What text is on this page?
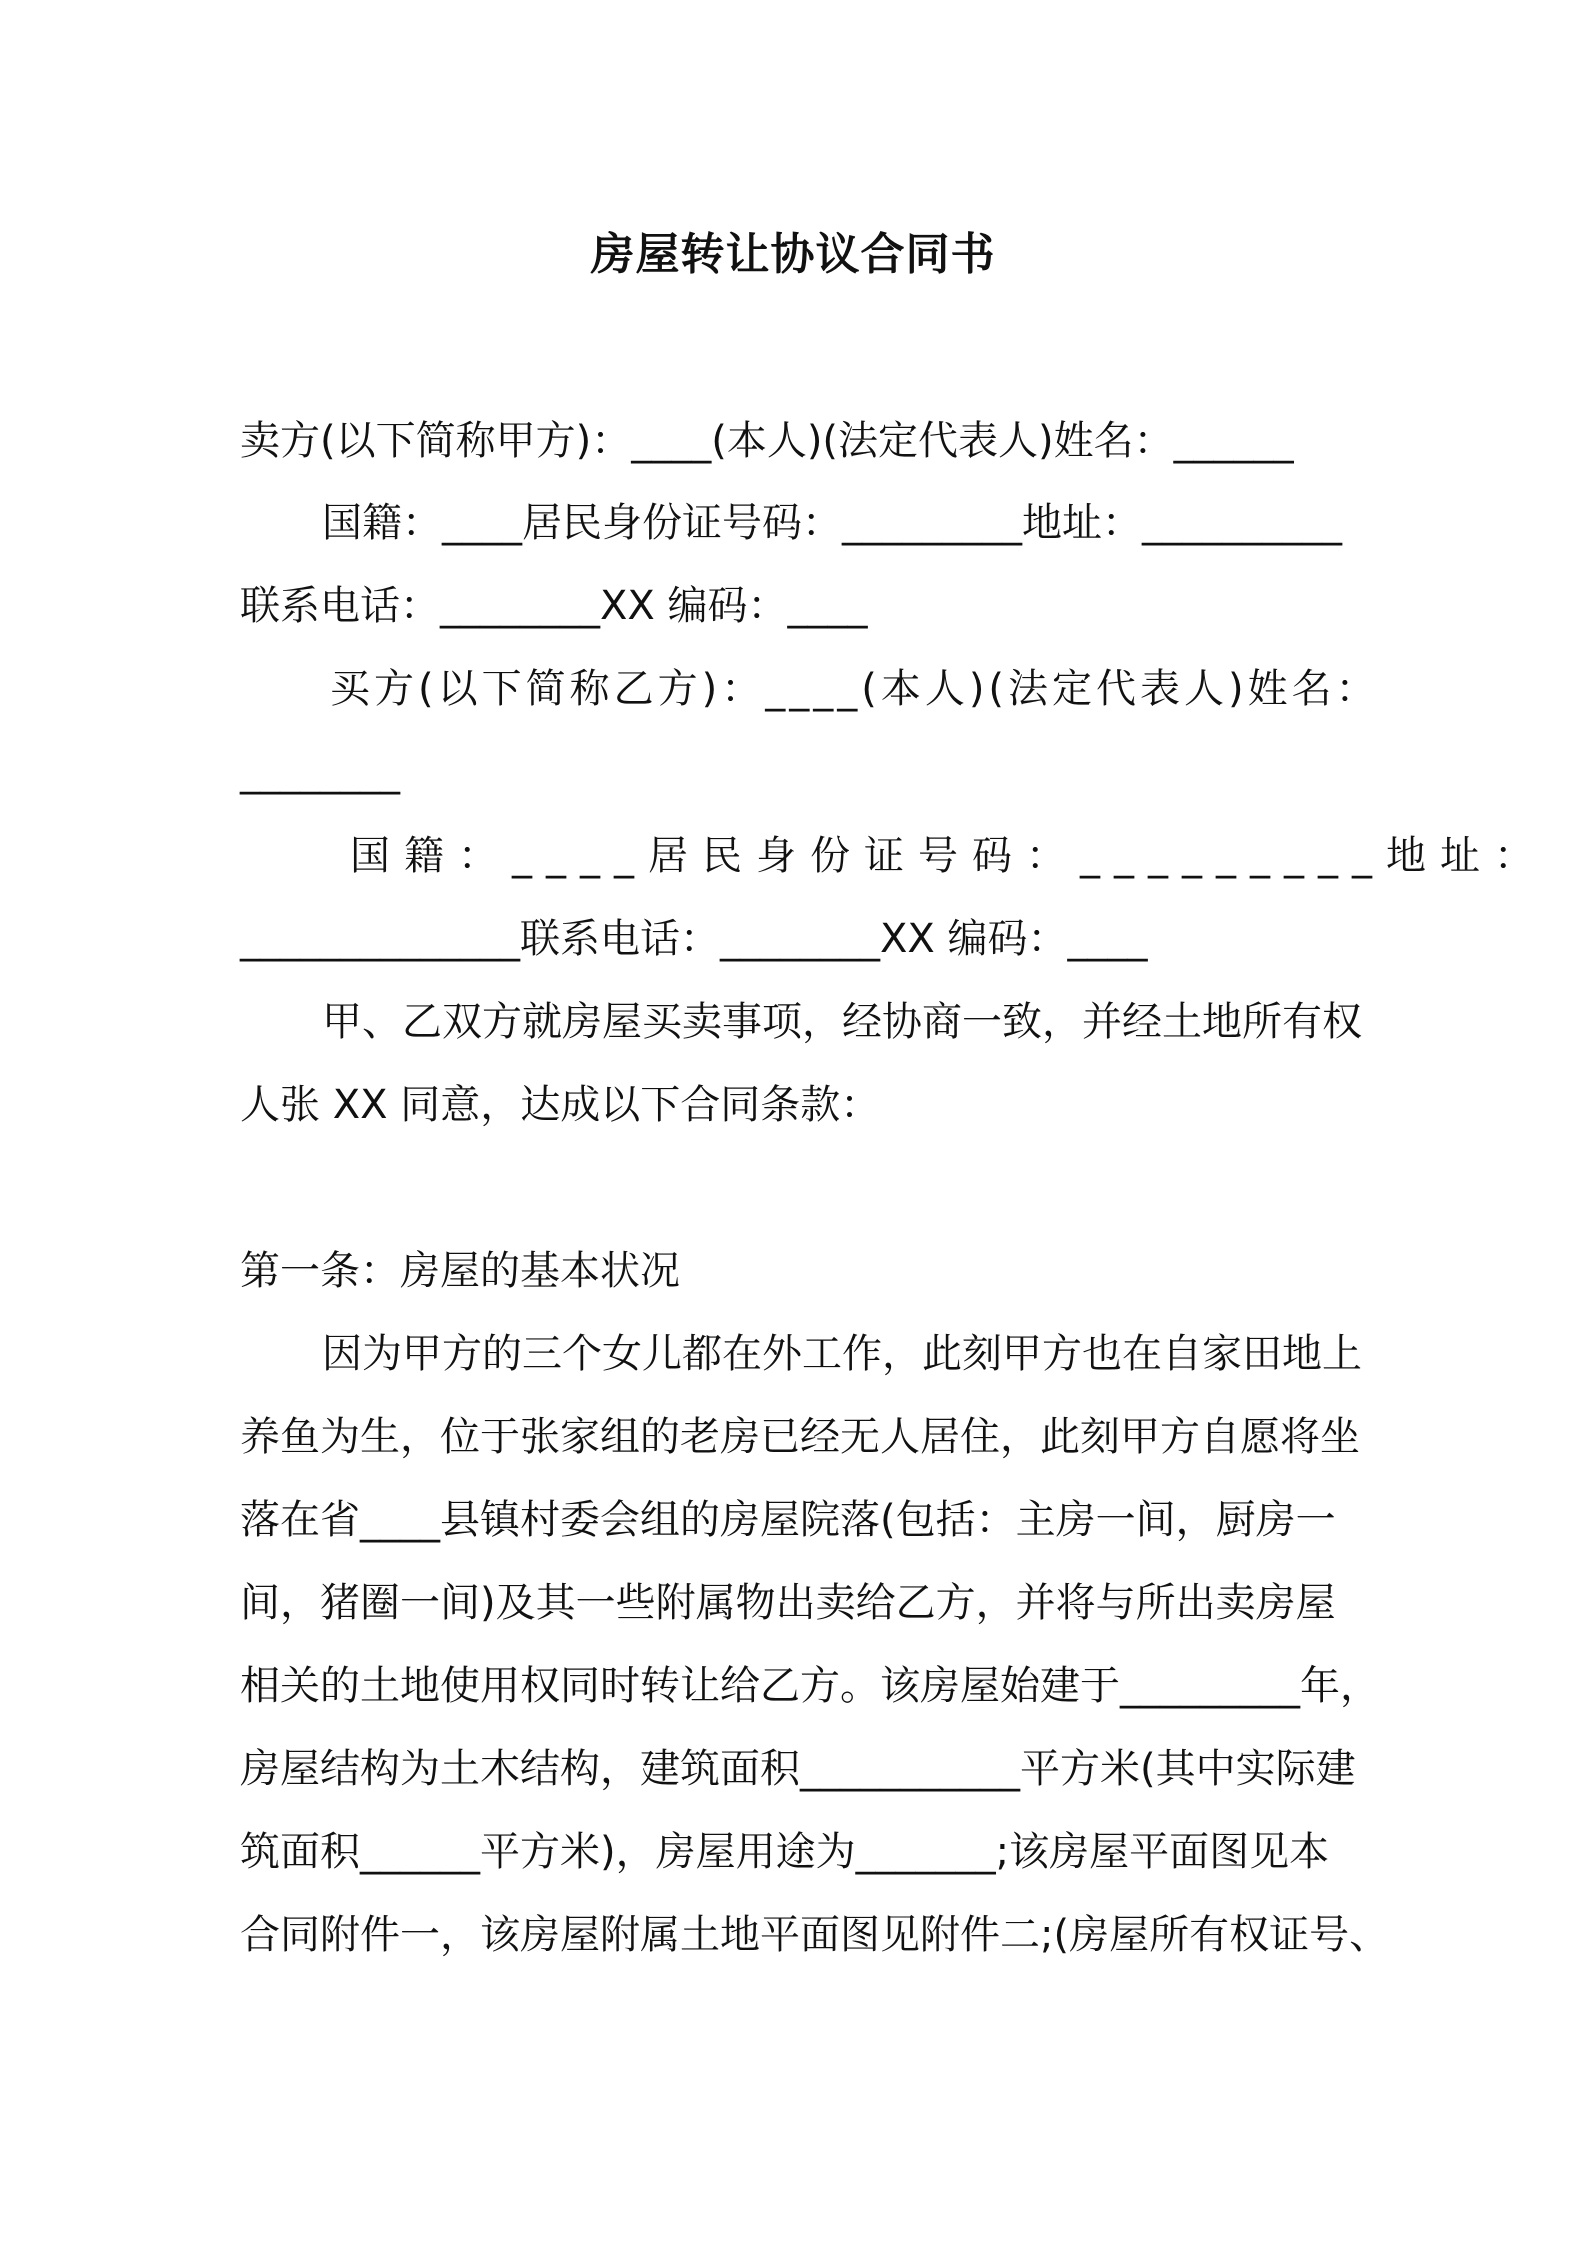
房屋转让协议合同书
卖方(以下简称甲方)：____(本人)(法定代表人)姓名：______
国籍：____居民身份证号码：_________地址：__________
联系电话：________XX 编码：____
买方(以下简称乙方)：____(本人)(法定代表人)姓名：
________
国籍：____居民身份证号码：_________地址：
______________联系电话：________XX 编码：____
甲、乙双方就房屋买卖事项，经协商一致，并经土地所有权
人张 XX 同意，达成以下合同条款：
第一条：房屋的基本状况
因为甲方的三个女儿都在外工作，此刻甲方也在自家田地上
养鱼为生，位于张家组的老房已经无人居住，此刻甲方自愿将坐
落在省____县镇村委会组的房屋院落(包括：主房一间，厨房一
间，猪圈一间)及其一些附属物出卖给乙方，并将与所出卖房屋
相关的土地使用权同时转让给乙方。该房屋始建于_________年，
房屋结构为土木结构，建筑面积___________平方米(其中实际建
筑面积______平方米)，房屋用途为_______;该房屋平面图见本
合同附件一，该房屋附属土地平面图见附件二;(房屋所有权证号、
